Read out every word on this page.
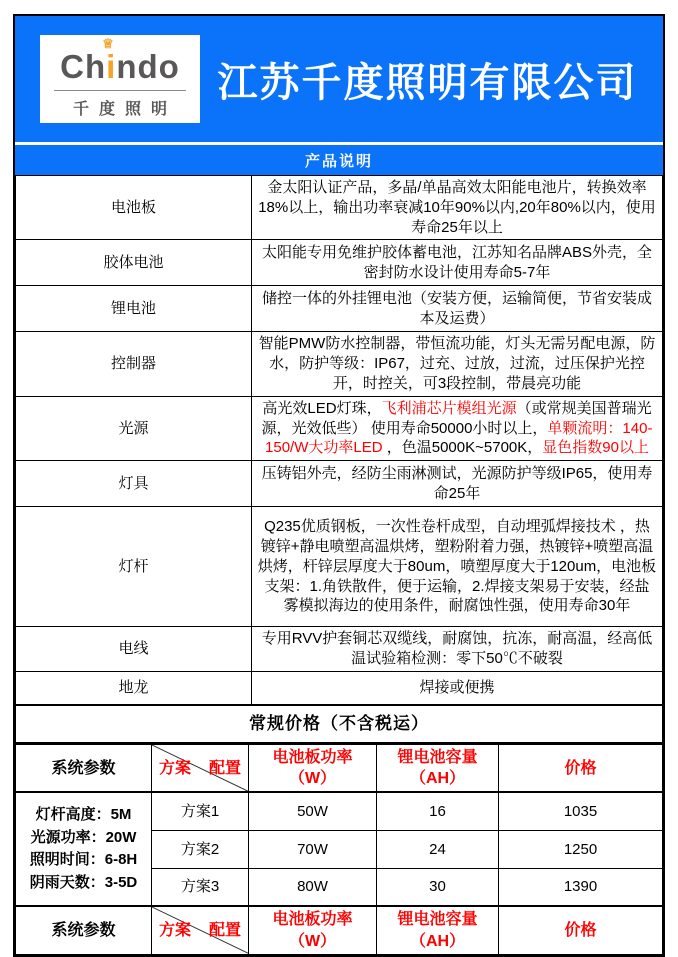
♕
Chindo
千度照明
江苏千度照明有限公司
产品说明
电池板	金太阳认证产品，多晶/单晶高效太阳能电池片，转换效率18%以上，输出功率衰减10年90%以内,20年80%以内，使用寿命25年以上
胶体电池	太阳能专用免维护胶体蓄电池，江苏知名品牌ABS外壳，全密封防水设计使用寿命5-7年
锂电池	储控一体的外挂锂电池（安装方便，运输简便，节省安装成本及运费）
控制器	智能PMW防水控制器，带恒流功能，灯头无需另配电源，防水，防护等级：IP67，过充、过放，过流，过压保护光控开，时控关，可3段控制，带晨亮功能
光源	高光效LED灯珠，飞利浦芯片模组光源（或常规美国普瑞光源，光效低些） 使用寿命50000小时以上，单颗流明：140-150/W大功率LED ，色温5000K~5700K，显色指数90以上
灯具	压铸铝外壳，经防尘雨淋测试，光源防护等级IP65，使用寿命25年
灯杆	Q235优质钢板，一次性卷杆成型，自动埋弧焊接技术 ，热镀锌+静电喷塑高温烘烤，塑粉附着力强，热镀锌+喷塑高温烘烤，杆锌层厚度大于80um，喷塑厚度大于120um，电池板支架：1.角铁散件，便于运输，2.焊接支架易于安装，经盐雾模拟海边的使用条件，耐腐蚀性强，使用寿命30年
电线	专用RVV护套铜芯双缆线，耐腐蚀，抗冻，耐高温，经高低温试验箱检测：零下50℃不破裂
地龙	焊接或便携
常规价格（不含税运）	
系统参数	方案 配置	电池板功率（W）	锂电池容量（AH）	价格

灯杆高度：5M
光源功率：20W
照明时间：6-8H
阴雨天数：3-5D	方案1	50W	16	1035
	方案2	70W	24	1250
	方案3	80W	30	1390
系统参数	方案 配置	电池板功率（W）	锂电池容量（AH）	价格
